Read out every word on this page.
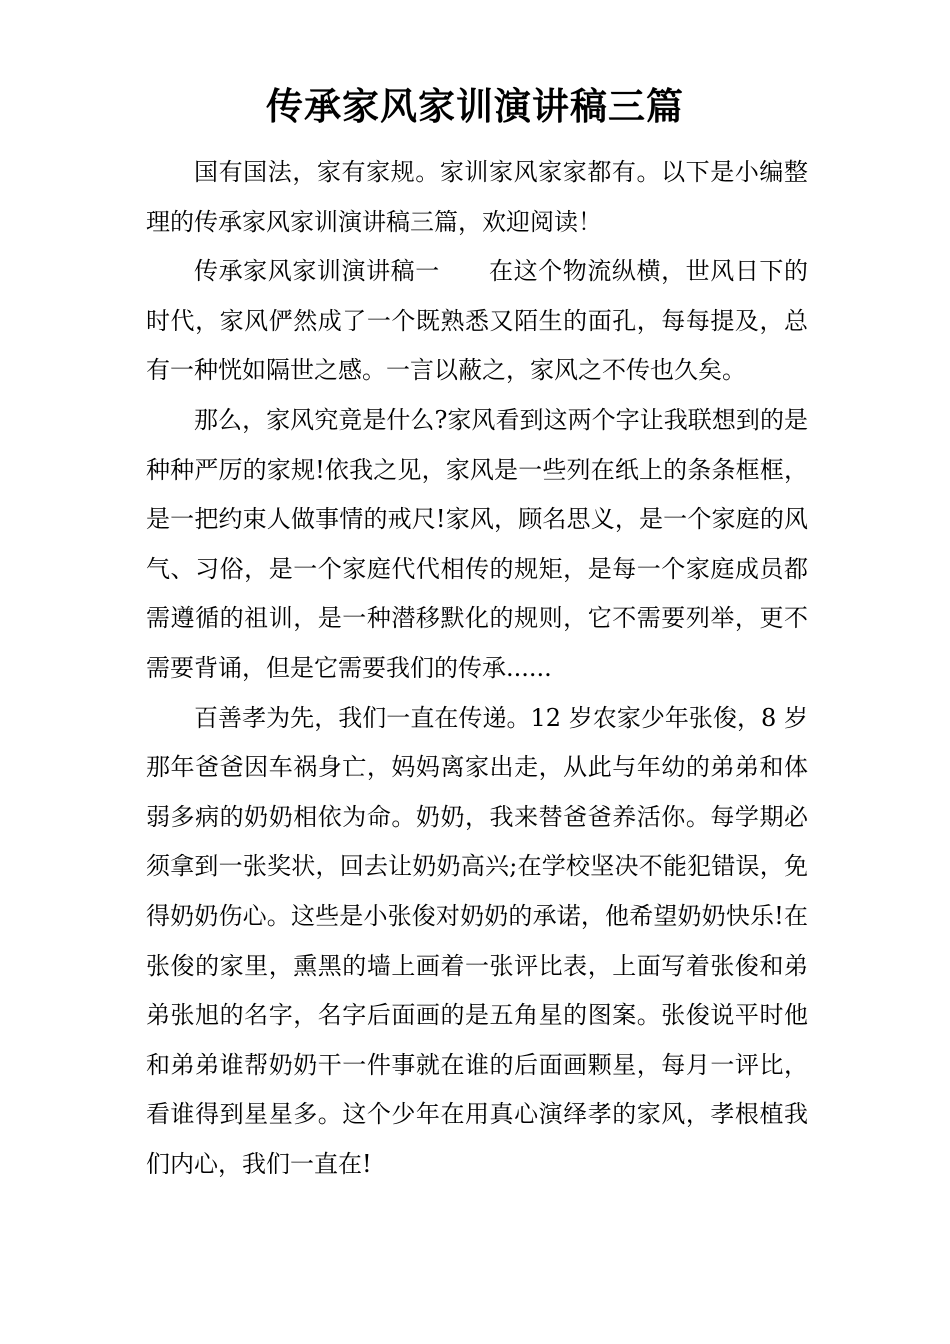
传承家风家训演讲稿三篇

国有国法，家有家规。家训家风家家都有。以下是小编整理的传承家风家训演讲稿三篇，欢迎阅读！

传承家风家训演讲稿一　　在这个物流纵横，世风日下的时代，家风俨然成了一个既熟悉又陌生的面孔，每每提及，总有一种恍如隔世之感。一言以蔽之，家风之不传也久矣。

那么，家风究竟是什么?家风看到这两个字让我联想到的是种种严厉的家规!依我之见，家风是一些列在纸上的条条框框，是一把约束人做事情的戒尺!家风，顾名思义，是一个家庭的风气、习俗，是一个家庭代代相传的规矩，是每一个家庭成员都需遵循的祖训，是一种潜移默化的规则，它不需要列举，更不需要背诵，但是它需要我们的传承......

百善孝为先，我们一直在传递。12 岁农家少年张俊，8 岁那年爸爸因车祸身亡，妈妈离家出走，从此与年幼的弟弟和体弱多病的奶奶相依为命。奶奶，我来替爸爸养活你。每学期必须拿到一张奖状，回去让奶奶高兴;在学校坚决不能犯错误，免得奶奶伤心。这些是小张俊对奶奶的承诺，他希望奶奶快乐!在张俊的家里，熏黑的墙上画着一张评比表，上面写着张俊和弟弟张旭的名字，名字后面画的是五角星的图案。张俊说平时他和弟弟谁帮奶奶干一件事就在谁的后面画颗星，每月一评比，看谁得到星星多。这个少年在用真心演绎孝的家风，孝根植我们内心，我们一直在!
